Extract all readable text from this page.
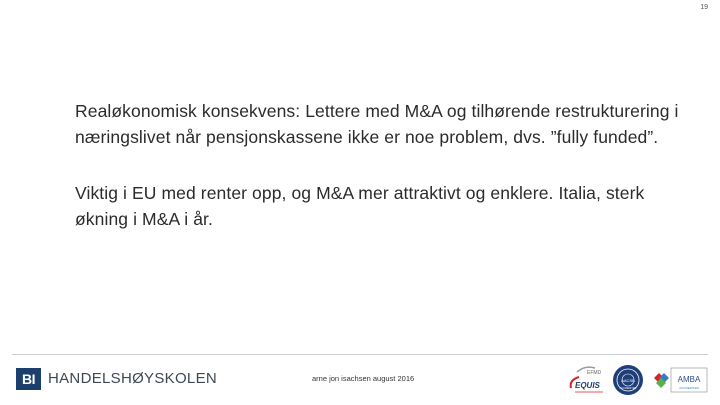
19

Realøkonomisk konsekvens: Lettere med M&A og tilhørende restrukturering i næringslivet når pensjonskassene ikke er noe problem, dvs. ”fully funded”.

Viktig i EU med renter opp, og M&A mer attraktivt og enklere. Italia, sterk økning i M&A i år.

BI HANDELSHØYSKOLEN	arne jon isachsen august 2016
EFMD
EQUIS
AACSB
ACCREDITED
AMBA
ACCREDITED
